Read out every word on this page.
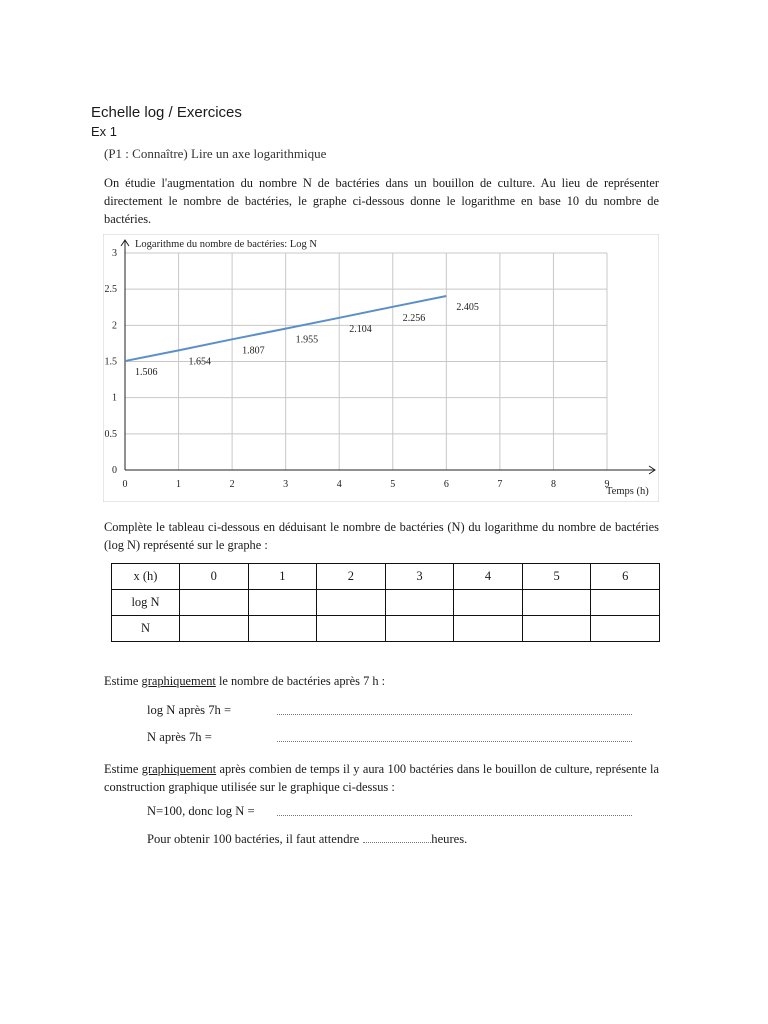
Echelle log / Exercices
Ex 1
(P1 : Connaître) Lire un axe logarithmique
On étudie l'augmentation du nombre N de bactéries dans un bouillon de culture. Au lieu de représenter directement le nombre de bactéries, le graphe ci-dessous donne le logarithme en base 10 du nombre de bactéries.
0	1	2	3	4	5	6	7	8	9
0
0.5
1
1.5
2
2.5
3
Logarithme du nombre de bactéries: Log N
Temps (h)
1.506
1.654
1.807
1.955
2.104
2.256
2.405
Complète le tableau ci-dessous en déduisant le nombre de bactéries (N) du logarithme du nombre de bactéries (log N) représenté sur le graphe :
x (h)	0	1	2	3	4	5	6
log N							
N							
Estime graphiquement le nombre de bactéries après 7 h :
log N après 7h =
N après 7h =
Estime graphiquement après combien de temps il y aura 100 bactéries dans le bouillon de culture, représente la construction graphique utilisée sur le graphique ci-dessus :
N=100, donc log N =
Pour obtenir 100 bactéries, il faut attendre	heures.
